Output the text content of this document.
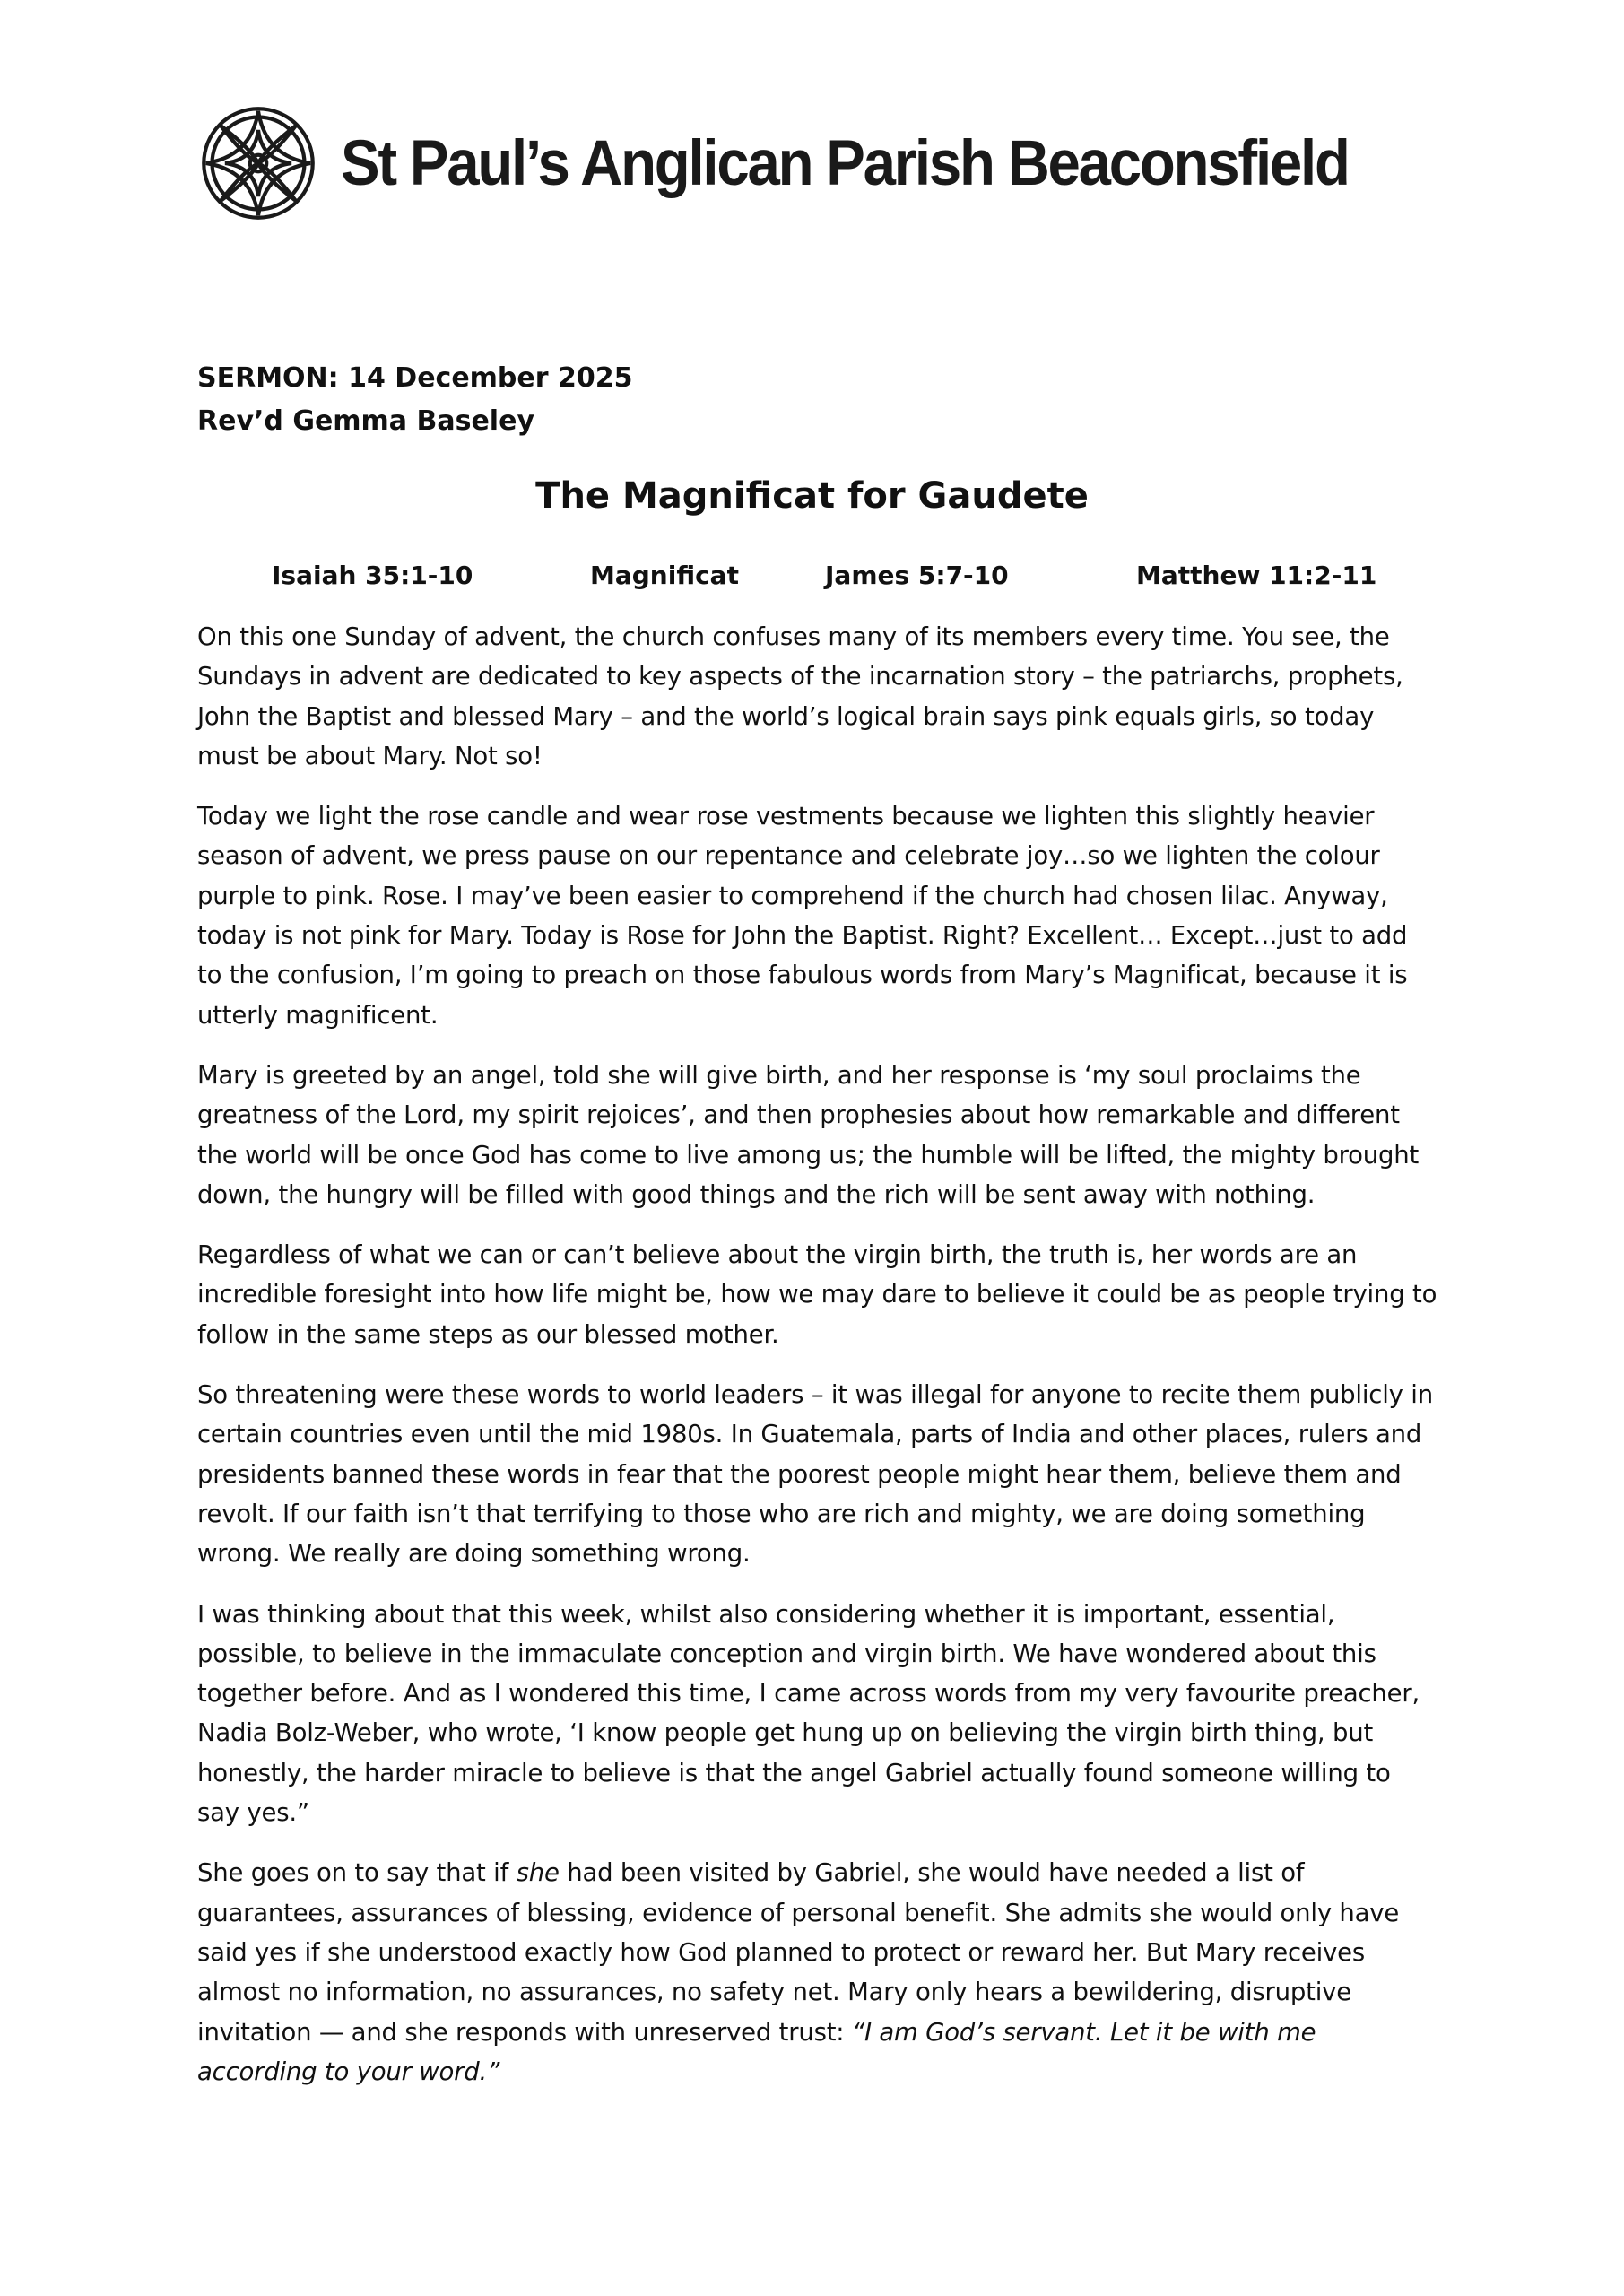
St Paul’s Anglican Parish Beaconsfield
SERMON: 14 December 2025
Rev’d Gemma Baseley
The Magnificat for Gaudete
Isaiah 35:1-10	Magnificat	James 5:7-10	Matthew 11:2-11

On this one Sunday of advent, the church confuses many of its members every time. You see, the Sundays in advent are dedicated to key aspects of the incarnation story – the patriarchs, prophets, John the Baptist and blessed Mary – and the world’s logical brain says pink equals girls, so today must be about Mary. Not so!

Today we light the rose candle and wear rose vestments because we lighten this slightly heavier season of advent, we press pause on our repentance and celebrate joy…so we lighten the colour purple to pink. Rose. I may’ve been easier to comprehend if the church had chosen lilac. Anyway, today is not pink for Mary. Today is Rose for John the Baptist. Right? Excellent… Except…just to add to the confusion, I’m going to preach on those fabulous words from Mary’s Magnificat, because it is utterly magnificent.

Mary is greeted by an angel, told she will give birth, and her response is ‘my soul proclaims the greatness of the Lord, my spirit rejoices’, and then prophesies about how remarkable and different the world will be once God has come to live among us; the humble will be lifted, the mighty brought down, the hungry will be filled with good things and the rich will be sent away with nothing.

Regardless of what we can or can’t believe about the virgin birth, the truth is, her words are an incredible foresight into how life might be, how we may dare to believe it could be as people trying to follow in the same steps as our blessed mother.

So threatening were these words to world leaders – it was illegal for anyone to recite them publicly in certain countries even until the mid 1980s. In Guatemala, parts of India and other places, rulers and presidents banned these words in fear that the poorest people might hear them, believe them and revolt. If our faith isn’t that terrifying to those who are rich and mighty, we are doing something wrong. We really are doing something wrong.

I was thinking about that this week, whilst also considering whether it is important, essential, possible, to believe in the immaculate conception and virgin birth. We have wondered about this together before. And as I wondered this time, I came across words from my very favourite preacher, Nadia Bolz-Weber, who wrote, ‘I know people get hung up on believing the virgin birth thing, but honestly, the harder miracle to believe is that the angel Gabriel actually found someone willing to say yes.”

She goes on to say that if she had been visited by Gabriel, she would have needed a list of guarantees, assurances of blessing, evidence of personal benefit. She admits she would only have said yes if she understood exactly how God planned to protect or reward her. But Mary receives almost no information, no assurances, no safety net. Mary only hears a bewildering, disruptive invitation — and she responds with unreserved trust: “I am God’s servant. Let it be with me according to your word.”
